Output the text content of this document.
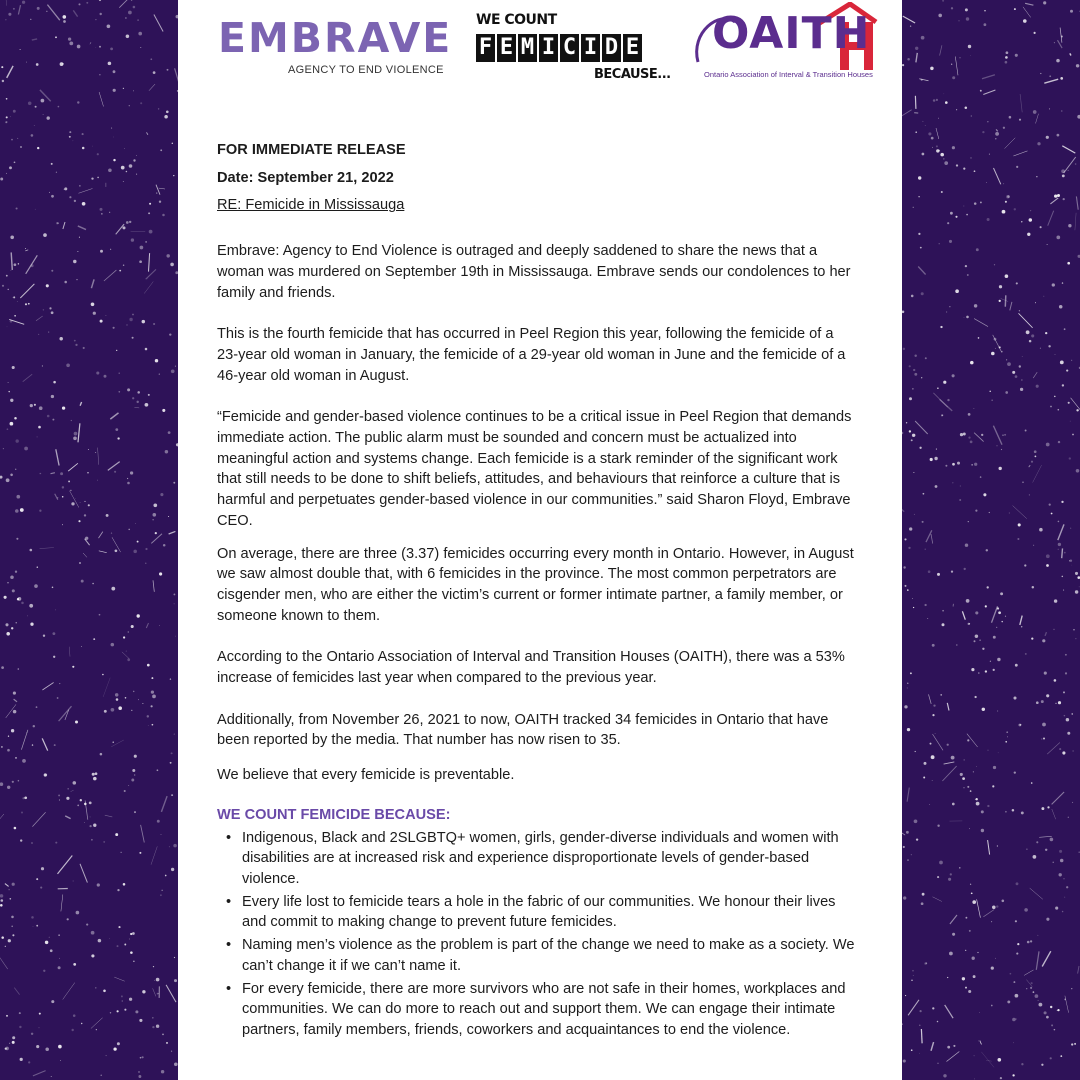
EMBRAVE
AGENCY TO END VIOLENCE
WE COUNT
F E M I C I D E
BECAUSE...
OAITH
Ontario Association of Interval & Transition Houses

FOR IMMEDIATE RELEASE

Date: September 21, 2022

RE: Femicide in Mississauga

Embrave: Agency to End Violence is outraged and deeply saddened to share the news that a woman was murdered on September 19th in Mississauga. Embrave sends our condolences to her family and friends.

This is the fourth femicide that has occurred in Peel Region this year, following the femicide of a 23-year old woman in January, the femicide of a 29-year old woman in June and the femicide of a 46-year old woman in August.

“Femicide and gender-based violence continues to be a critical issue in Peel Region that demands immediate action. The public alarm must be sounded and concern must be actualized into meaningful action and systems change. Each femicide is a stark reminder of the significant work that still needs to be done to shift beliefs, attitudes, and behaviours that reinforce a culture that is harmful and perpetuates gender-based violence in our communities.” said Sharon Floyd, Embrave CEO.

On average, there are three (3.37) femicides occurring every month in Ontario. However, in August we saw almost double that, with 6 femicides in the province. The most common perpetrators are cisgender men, who are either the victim’s current or former intimate partner, a family member, or someone known to them.

According to the Ontario Association of Interval and Transition Houses (OAITH), there was a 53% increase of femicides last year when compared to the previous year.

Additionally, from November 26, 2021 to now, OAITH tracked 34 femicides in Ontario that have been reported by the media. That number has now risen to 35.

We believe that every femicide is preventable.

WE COUNT FEMICIDE BECAUSE:
• Indigenous, Black and 2SLGBTQ+ women, girls, gender-diverse individuals and women with disabilities are at increased risk and experience disproportionate levels of gender-based violence.
• Every life lost to femicide tears a hole in the fabric of our communities. We honour their lives and commit to making change to prevent future femicides.
• Naming men’s violence as the problem is part of the change we need to make as a society. We can’t change it if we can’t name it.
• For every femicide, there are more survivors who are not safe in their homes, workplaces and communities. We can do more to reach out and support them. We can engage their intimate partners, family members, friends, coworkers and acquaintances to end the violence.
